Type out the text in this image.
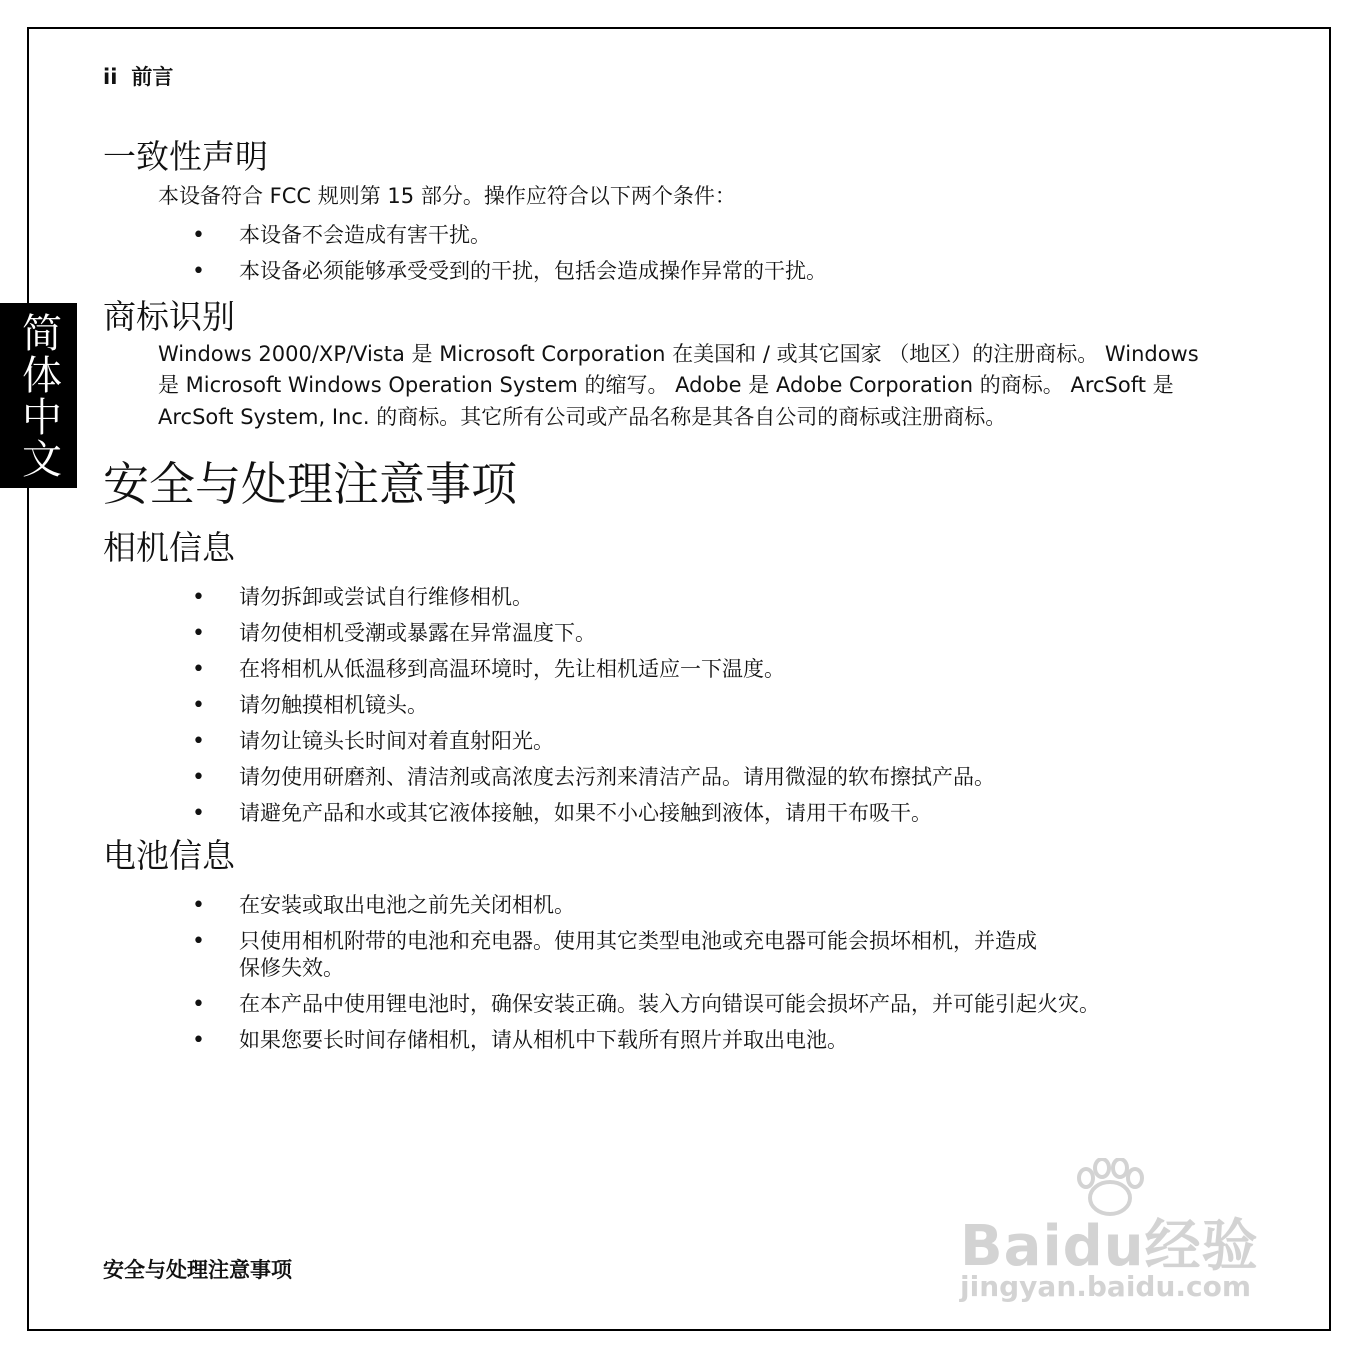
简体中文
ii 前言
一致性声明
本设备符合 FCC 规则第 15 部分。操作应符合以下两个条件：
• 本设备不会造成有害干扰。
• 本设备必须能够承受受到的干扰，包括会造成操作异常的干扰。
商标识别
Windows 2000/XP/Vista 是 Microsoft Corporation 在美国和 / 或其它国家 （地区）的注册商标。 Windows
是 Microsoft Windows Operation System 的缩写。 Adobe 是 Adobe Corporation 的商标。 ArcSoft 是
ArcSoft System, Inc. 的商标。其它所有公司或产品名称是其各自公司的商标或注册商标。
安全与处理注意事项
相机信息
• 请勿拆卸或尝试自行维修相机。
• 请勿使相机受潮或暴露在异常温度下。
• 在将相机从低温移到高温环境时，先让相机适应一下温度。
• 请勿触摸相机镜头。
• 请勿让镜头长时间对着直射阳光。
• 请勿使用研磨剂、清洁剂或高浓度去污剂来清洁产品。请用微湿的软布擦拭产品。
• 请避免产品和水或其它液体接触，如果不小心接触到液体，请用干布吸干。
电池信息
• 在安装或取出电池之前先关闭相机。
• 只使用相机附带的电池和充电器。使用其它类型电池或充电器可能会损坏相机，并造成
保修失效。
• 在本产品中使用锂电池时，确保安装正确。装入方向错误可能会损坏产品，并可能引起火灾。
• 如果您要长时间存储相机，请从相机中下载所有照片并取出电池。
安全与处理注意事项	Baidu经验
jingyan.baidu.com
